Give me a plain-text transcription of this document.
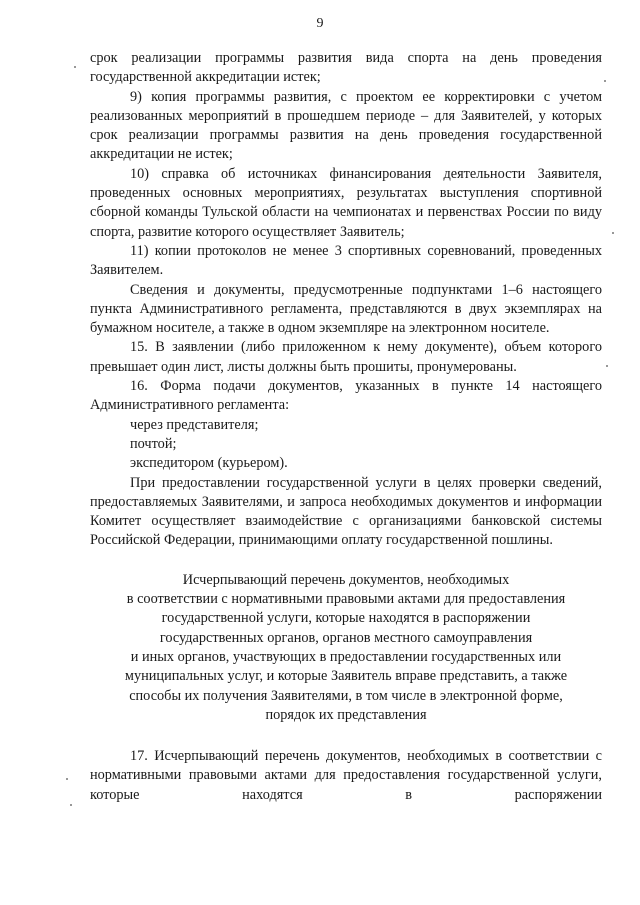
9

срок реализации программы развития вида спорта на день проведения государственной аккредитации истек;

9) копия программы развития, с проектом ее корректировки с учетом реализованных мероприятий в прошедшем периоде – для Заявителей, у которых срок реализации программы развития на день проведения государственной аккредитации не истек;

10) справка об источниках финансирования деятельности Заявителя, проведенных основных мероприятиях, результатах выступления спортивной сборной команды Тульской области на чемпионатах и первенствах России по виду спорта, развитие которого осуществляет Заявитель;

11) копии протоколов не менее 3 спортивных соревнований, проведенных Заявителем.

Сведения и документы, предусмотренные подпунктами 1–6 настоящего пункта Административного регламента, представляются в двух экземплярах на бумажном носителе, а также в одном экземпляре на электронном носителе.

15. В заявлении (либо приложенном к нему документе), объем которого превышает один лист, листы должны быть прошиты, пронумерованы.

16. Форма подачи документов, указанных в пункте 14 настоящего Административного регламента:

через представителя;

почтой;

экспедитором (курьером).

При предоставлении государственной услуги в целях проверки сведений, предоставляемых Заявителями, и запроса необходимых документов и информации Комитет осуществляет взаимодействие с организациями банковской системы Российской Федерации, принимающими оплату государственной пошлины.

Исчерпывающий перечень документов, необходимых

в соответствии с нормативными правовыми актами для предоставления

государственной услуги, которые находятся в распоряжении

государственных органов, органов местного самоуправления

и иных органов, участвующих в предоставлении государственных или

муниципальных услуг, и которые Заявитель вправе представить, а также

способы их получения Заявителями, в том числе в электронной форме,

порядок их представления

17. Исчерпывающий перечень документов, необходимых в соответствии с нормативными правовыми актами для предоставления государственной услуги, которые находятся в распоряжении
